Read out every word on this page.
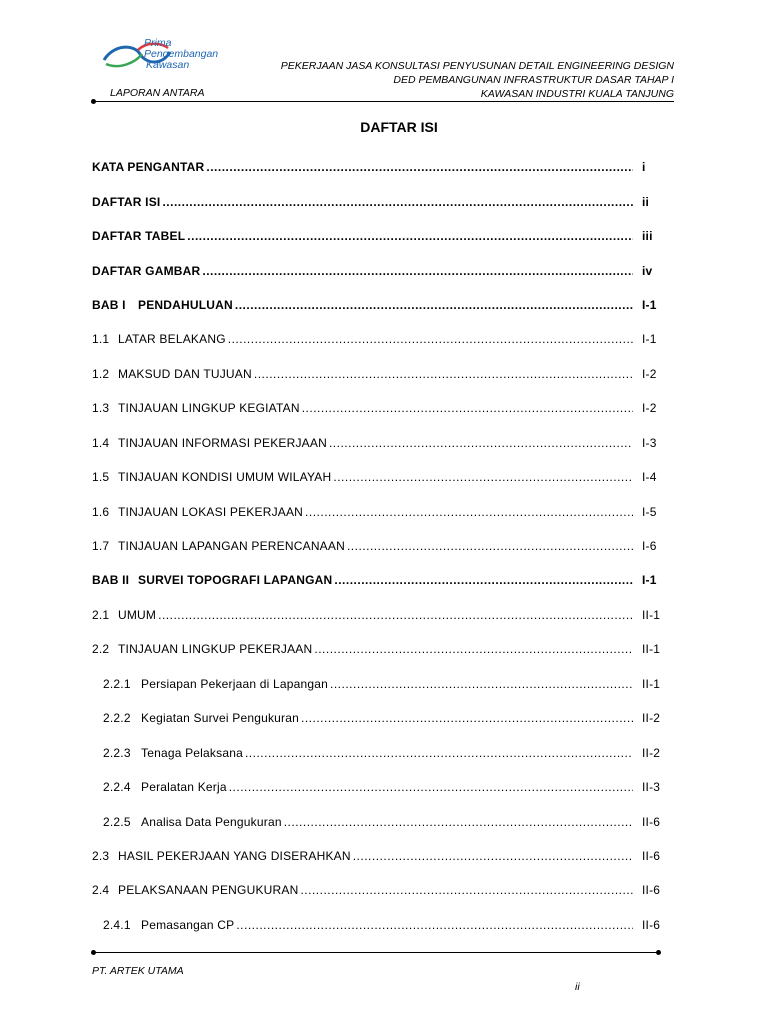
Prima
Pengembangan
Kawasan
LAPORAN ANTARA
PEKERJAAN JASA KONSULTASI PENYUSUNAN DETAIL ENGINEERING DESIGN
DED PEMBANGUNAN INFRASTRUKTUR DASAR TAHAP I
KAWASAN INDUSTRI KUALA TANJUNG
DAFTAR ISI
KATA PENGANTAR .....	i
DAFTAR ISI .....	ii
DAFTAR TABEL .....	iii
DAFTAR GAMBAR .....	iv
BAB I PENDAHULUAN .....	I-1
1.1 LATAR BELAKANG .....	I-1
1.2 MAKSUD DAN TUJUAN .....	I-2
1.3 TINJAUAN LINGKUP KEGIATAN .....	I-2
1.4 TINJAUAN INFORMASI PEKERJAAN .....	I-3
1.5 TINJAUAN KONDISI UMUM WILAYAH .....	I-4
1.6 TINJAUAN LOKASI PEKERJAAN .....	I-5
1.7 TINJAUAN LAPANGAN PERENCANAAN .....	I-6
BAB II SURVEI TOPOGRAFI LAPANGAN .....	I-1
2.1 UMUM .....	II-1
2.2 TINJAUAN LINGKUP PEKERJAAN .....	II-1
2.2.1 Persiapan Pekerjaan di Lapangan .....	II-1
2.2.2 Kegiatan Survei Pengukuran .....	II-2
2.2.3 Tenaga Pelaksana .....	II-2
2.2.4 Peralatan Kerja .....	II-3
2.2.5 Analisa Data Pengukuran .....	II-6
2.3 HASIL PEKERJAAN YANG DISERAHKAN .....	II-6
2.4 PELAKSANAAN PENGUKURAN .....	II-6
2.4.1 Pemasangan CP .....	II-6
PT. ARTEK UTAMA
ii
